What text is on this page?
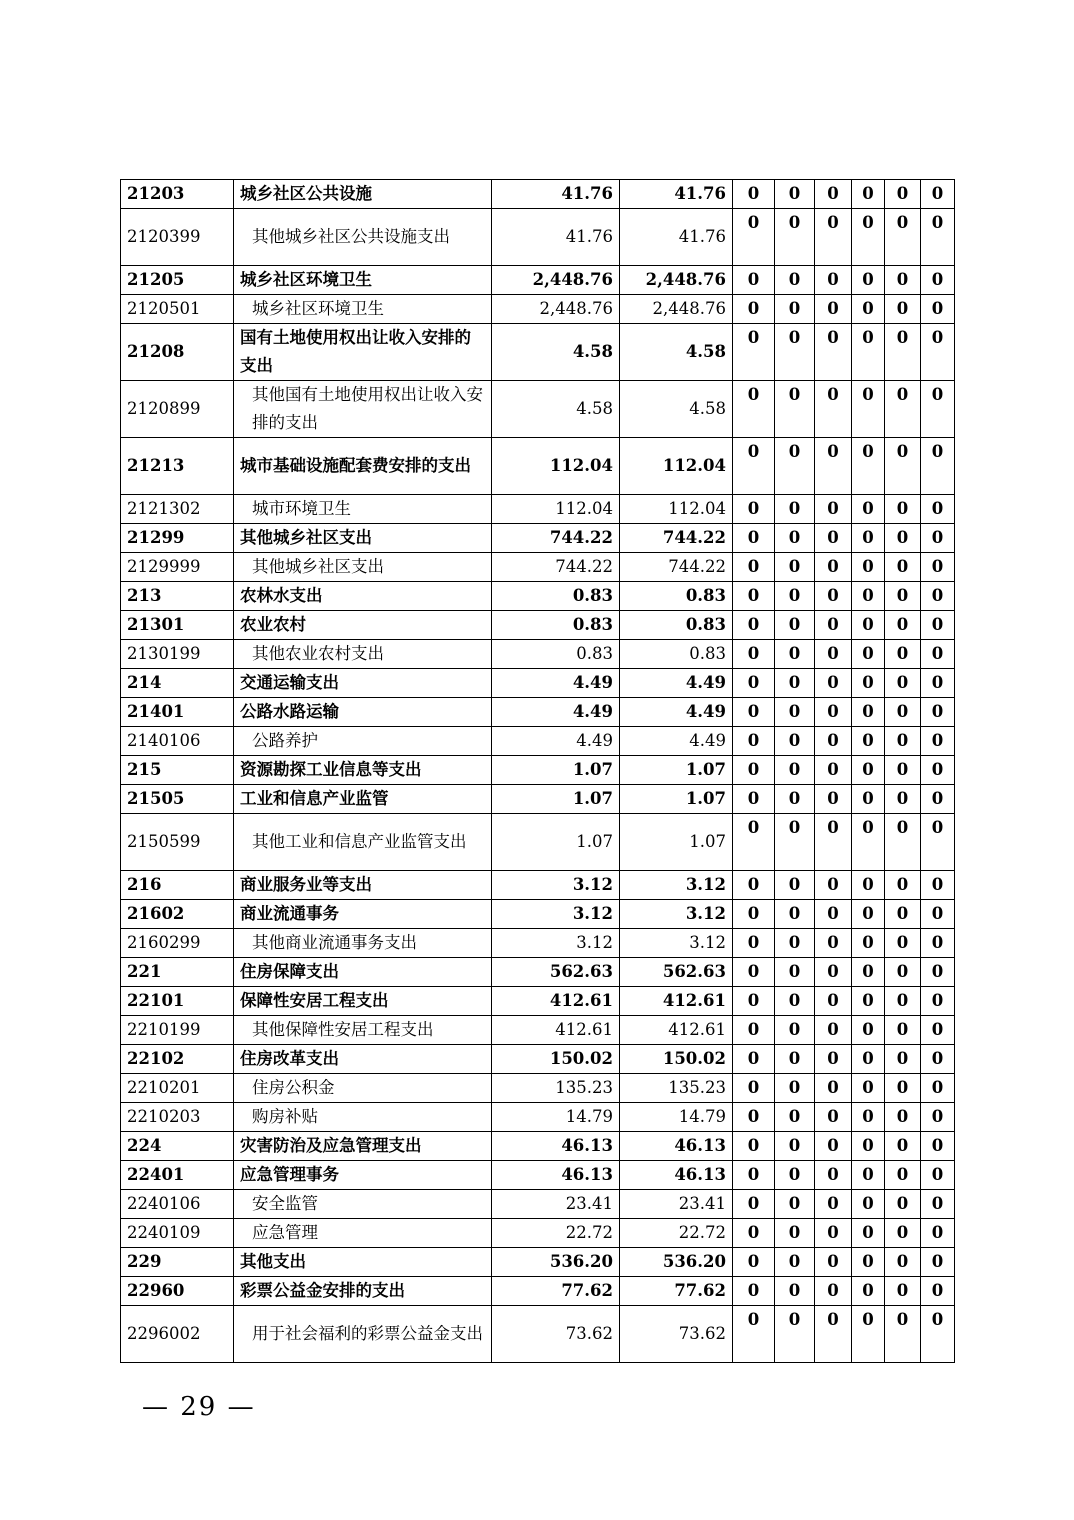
21203	城乡社区公共设施	41.76	41.76	0	0	0	0	0	0
2120399	其他城乡社区公共设施支出	41.76	41.76	0	0	0	0	0	0
21205	城乡社区环境卫生	2,448.76	2,448.76	0	0	0	0	0	0
2120501	城乡社区环境卫生	2,448.76	2,448.76	0	0	0	0	0	0
21208	国有土地使用权出让收入安排的支出	4.58	4.58	0	0	0	0	0	0
2120899	其他国有土地使用权出让收入安排的支出	4.58	4.58	0	0	0	0	0	0
21213	城市基础设施配套费安排的支出	112.04	112.04	0	0	0	0	0	0
2121302	城市环境卫生	112.04	112.04	0	0	0	0	0	0
21299	其他城乡社区支出	744.22	744.22	0	0	0	0	0	0
2129999	其他城乡社区支出	744.22	744.22	0	0	0	0	0	0
213	农林水支出	0.83	0.83	0	0	0	0	0	0
21301	农业农村	0.83	0.83	0	0	0	0	0	0
2130199	其他农业农村支出	0.83	0.83	0	0	0	0	0	0
214	交通运输支出	4.49	4.49	0	0	0	0	0	0
21401	公路水路运输	4.49	4.49	0	0	0	0	0	0
2140106	公路养护	4.49	4.49	0	0	0	0	0	0
215	资源勘探工业信息等支出	1.07	1.07	0	0	0	0	0	0
21505	工业和信息产业监管	1.07	1.07	0	0	0	0	0	0
2150599	其他工业和信息产业监管支出	1.07	1.07	0	0	0	0	0	0
216	商业服务业等支出	3.12	3.12	0	0	0	0	0	0
21602	商业流通事务	3.12	3.12	0	0	0	0	0	0
2160299	其他商业流通事务支出	3.12	3.12	0	0	0	0	0	0
221	住房保障支出	562.63	562.63	0	0	0	0	0	0
22101	保障性安居工程支出	412.61	412.61	0	0	0	0	0	0
2210199	其他保障性安居工程支出	412.61	412.61	0	0	0	0	0	0
22102	住房改革支出	150.02	150.02	0	0	0	0	0	0
2210201	住房公积金	135.23	135.23	0	0	0	0	0	0
2210203	购房补贴	14.79	14.79	0	0	0	0	0	0
224	灾害防治及应急管理支出	46.13	46.13	0	0	0	0	0	0
22401	应急管理事务	46.13	46.13	0	0	0	0	0	0
2240106	安全监管	23.41	23.41	0	0	0	0	0	0
2240109	应急管理	22.72	22.72	0	0	0	0	0	0
229	其他支出	536.20	536.20	0	0	0	0	0	0
22960	彩票公益金安排的支出	77.62	77.62	0	0	0	0	0	0
2296002	用于社会福利的彩票公益金支出	73.62	73.62	0	0	0	0	0	0
— 29 —
